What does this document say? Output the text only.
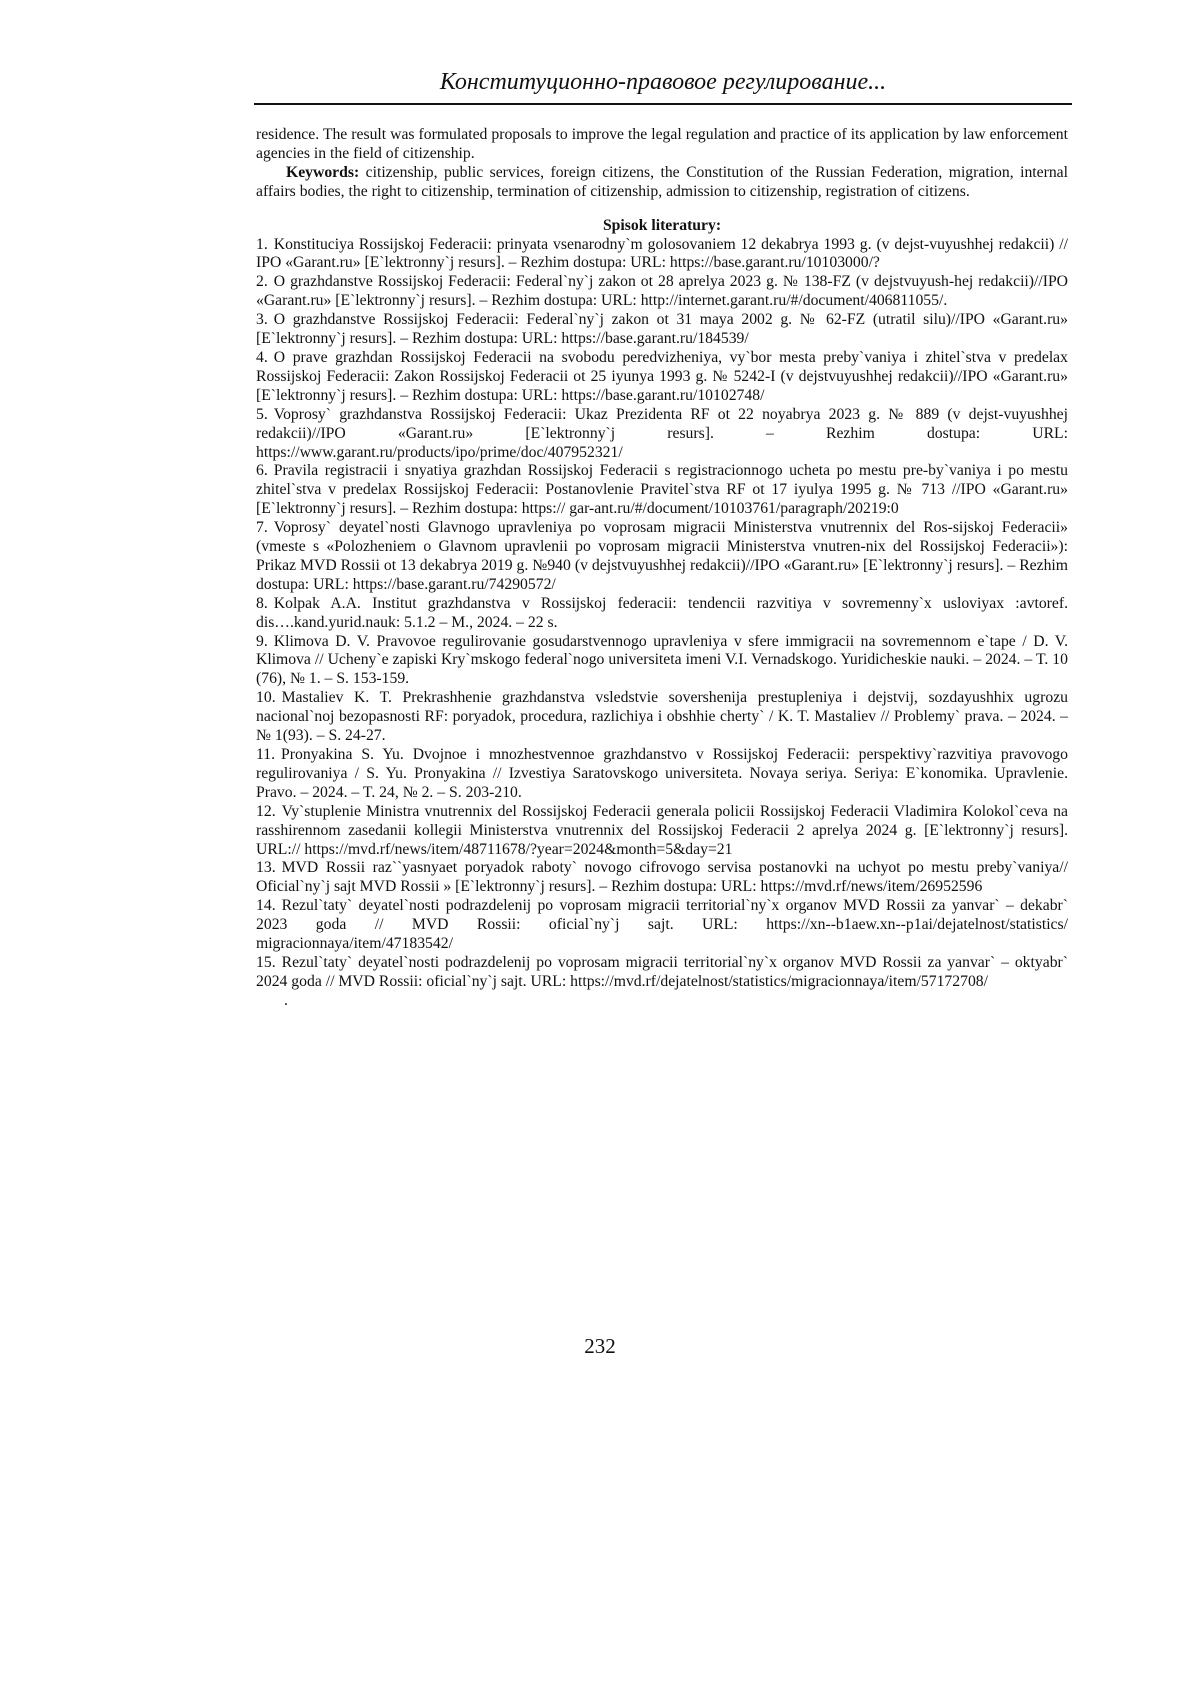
Конституционно-правовое регулирование...

residence. The result was formulated proposals to improve the legal regulation and practice of its application by law enforcement agencies in the field of citizenship.

Keywords: citizenship, public services, foreign citizens, the Constitution of the Russian Federation, migration, internal affairs bodies, the right to citizenship, termination of citizenship, admission to citizenship, registration of citizens.

Spisok literatury:

1. Konstituciya Rossijskoj Federacii: prinyata vsenarodny`m golosovaniem 12 dekabrya 1993 g. (v dejst-vuyushhej redakcii) // IPO «Garant.ru» [E`lektronny`j resurs]. – Rezhim dostupa: URL: https://base.garant.ru/10103000/?

2. O grazhdanstve Rossijskoj Federacii: Federal`ny`j zakon ot 28 aprelya 2023 g. № 138-FZ (v dejstvuyush-hej redakcii)//IPO «Garant.ru» [E`lektronny`j resurs]. – Rezhim dostupa: URL: http://internet.garant.ru/#/document/406811055/.

3. O grazhdanstve Rossijskoj Federacii: Federal`ny`j zakon ot 31 maya 2002 g. № 62-FZ (utratil silu)//IPO «Garant.ru» [E`lektronny`j resurs]. – Rezhim dostupa: URL: https://base.garant.ru/184539/

4. O prave grazhdan Rossijskoj Federacii na svobodu peredvizheniya, vy`bor mesta preby`vaniya i zhitel`stva v predelax Rossijskoj Federacii: Zakon Rossijskoj Federacii ot 25 iyunya 1993 g. № 5242-I (v dejstvuyushhej redakcii)//IPO «Garant.ru» [E`lektronny`j resurs]. – Rezhim dostupa: URL: https://base.garant.ru/10102748/

5. Voprosy` grazhdanstva Rossijskoj Federacii: Ukaz Prezidenta RF ot 22 noyabrya 2023 g. № 889 (v dejst-vuyushhej redakcii)//IPO «Garant.ru» [E`lektronny`j resurs]. – Rezhim dostupa: URL: https://www.garant.ru/products/ipo/prime/doc/407952321/

6. Pravila registracii i snyatiya grazhdan Rossijskoj Federacii s registracionnogo ucheta po mestu pre-by`vaniya i po mestu zhitel`stva v predelax Rossijskoj Federacii: Postanovlenie Pravitel`stva RF ot 17 iyulya 1995 g. № 713 //IPO «Garant.ru» [E`lektronny`j resurs]. – Rezhim dostupa: https:// gar-ant.ru/#/document/10103761/paragraph/20219:0

7. Voprosy` deyatel`nosti Glavnogo upravleniya po voprosam migracii Ministerstva vnutrennix del Ros-sijskoj Federacii» (vmeste s «Polozheniem o Glavnom upravlenii po voprosam migracii Ministerstva vnutren-nix del Rossijskoj Federacii»): Prikaz MVD Rossii ot 13 dekabrya 2019 g. №940 (v dejstvuyushhej redakcii)//IPO «Garant.ru» [E`lektronny`j resurs]. – Rezhim dostupa: URL: https://base.garant.ru/74290572/

8. Kolpak A.A. Institut grazhdanstva v Rossijskoj federacii: tendencii razvitiya v sovremenny`x usloviyax :avtoref. dis….kand.yurid.nauk: 5.1.2 – M., 2024. – 22 s.

9. Klimova D. V. Pravovoe regulirovanie gosudarstvennogo upravleniya v sfere immigracii na sovremennom e`tape / D. V. Klimova // Ucheny`e zapiski Kry`mskogo federal`nogo universiteta imeni V.I. Vernadskogo. Yuridicheskie nauki. – 2024. – T. 10 (76), № 1. – S. 153-159.

10. Mastaliev K. T. Prekrashhenie grazhdanstva vsledstvie sovershenija prestupleniya i dejstvij, sozdayushhix ugrozu nacional`noj bezopasnosti RF: poryadok, procedura, razlichiya i obshhie cherty` / K. T. Mastaliev // Problemy` prava. – 2024. – № 1(93). – S. 24-27.

11. Pronyakina S. Yu. Dvojnoe i mnozhestvennoe grazhdanstvo v Rossijskoj Federacii: perspektivy`razvitiya pravovogo regulirovaniya / S. Yu. Pronyakina // Izvestiya Saratovskogo universiteta. Novaya seriya. Seriya: E`konomika. Upravlenie. Pravo. – 2024. – T. 24, № 2. – S. 203-210.

12. Vy`stuplenie Ministra vnutrennix del Rossijskoj Federacii generala policii Rossijskoj Federacii Vladimira Kolokol`ceva na rasshirennom zasedanii kollegii Ministerstva vnutrennix del Rossijskoj Federacii 2 aprelya 2024 g. [E`lektronny`j resurs]. URL:// https://mvd.rf/news/item/48711678/?year=2024&month=5&day=21

13. MVD Rossii raz``yasnyaet poryadok raboty` novogo cifrovogo servisa postanovki na uchyot po mestu preby`vaniya// Oficial`ny`j sajt MVD Rossii » [E`lektronny`j resurs]. – Rezhim dostupa: URL: https://mvd.rf/news/item/26952596

14. Rezul`taty` deyatel`nosti podrazdelenij po voprosam migracii territorial`ny`x organov MVD Rossii za yanvar` – dekabr` 2023 goda // MVD Rossii: oficial`ny`j sajt. URL: https://xn--b1aew.xn--p1ai/dejatelnost/statistics/ migracionnaya/item/47183542/

15. Rezul`taty` deyatel`nosti podrazdelenij po voprosam migracii territorial`ny`x organov MVD Rossii za yanvar` – oktyabr` 2024 goda // MVD Rossii: oficial`ny`j sajt. URL: https://mvd.rf/dejatelnost/statistics/migracionnaya/item/57172708/

.

232
